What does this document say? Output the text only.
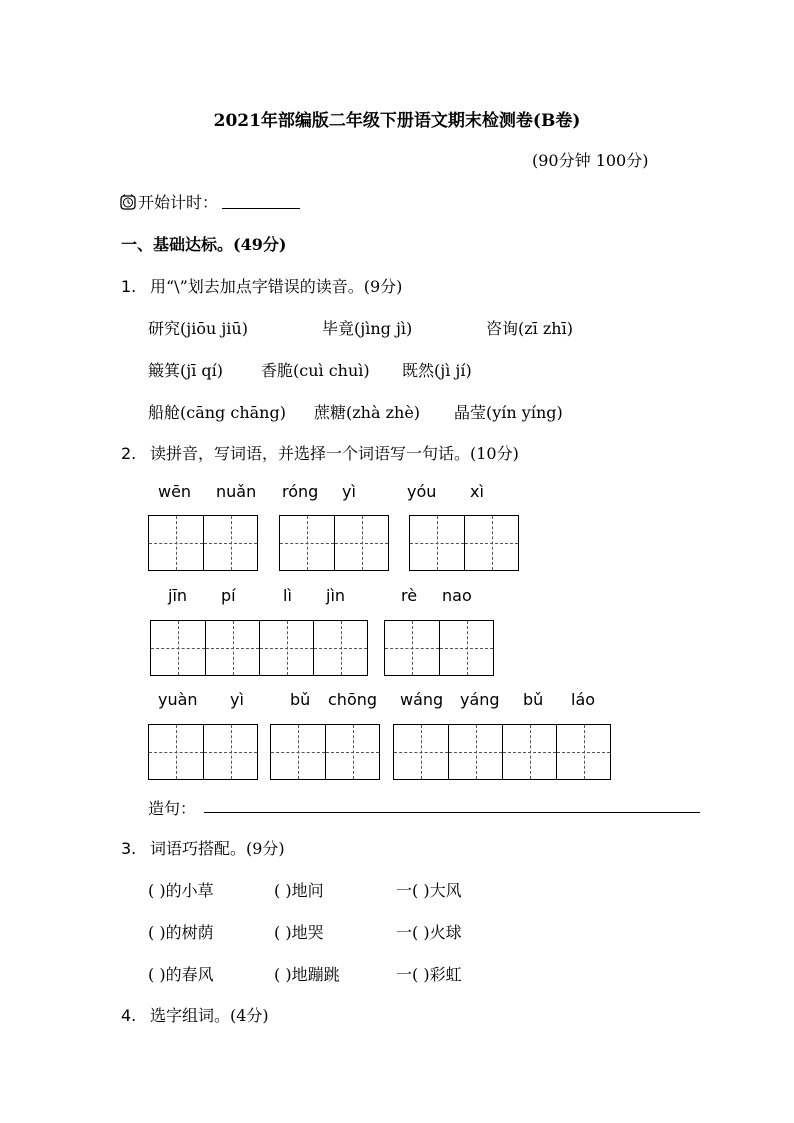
2021年部编版二年级下册语文期末检测卷(B卷)
(90分钟 100分)
开始计时：
一、基础达标。(49分)
1. 用“\”划去加点字错误的读音。(9分)
研究(jiōu jiū)	毕竟(jìng jì)	咨询(zī zhī)
簸箕(jī qí) 香脆(cuì chuì) 既然(jì jí)
船舱(cāng chāng) 蔗糖(zhà zhè) 晶莹(yín yíng)
2. 读拼音，写词语，并选择一个词语写一句话。(10分)
wēn nuǎn róng yì	yóu xì
jīn pí	lì jìn	rè nao
yuàn yì	bǔ chōng wáng yáng bǔ láo
造句：
3. 词语巧搭配。(9分)
( )的小草	( )地问	一( )大风
( )的树荫	( )地哭	一( )火球
( )的春风	( )地蹦跳	一( )彩虹
4. 选字组词。(4分)
